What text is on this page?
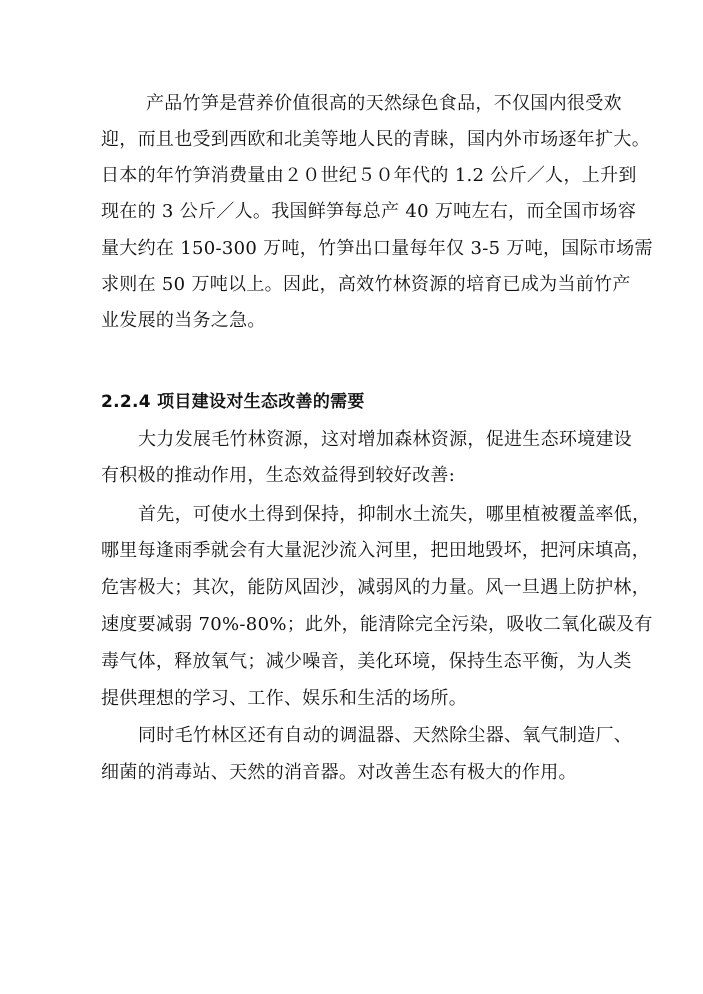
产品竹笋是营养价值很高的天然绿色食品，不仅国内很受欢
迎，而且也受到西欧和北美等地人民的青睐，国内外市场逐年扩大。
日本的年竹笋消费量由２０世纪５０年代的 1.2 公斤／人，上升到
现在的 3 公斤／人。我国鲜笋每总产 40 万吨左右，而全国市场容
量大约在 150-300 万吨，竹笋出口量每年仅 3-5 万吨，国际市场需
求则在 50 万吨以上。因此，高效竹林资源的培育已成为当前竹产
业发展的当务之急。
2.2.4 项目建设对生态改善的需要
大力发展毛竹林资源，这对增加森林资源，促进生态环境建设
有积极的推动作用，生态效益得到较好改善:
首先，可使水土得到保持，抑制水土流失，哪里植被覆盖率低，
哪里每逢雨季就会有大量泥沙流入河里，把田地毁坏，把河床填高，
危害极大；其次，能防风固沙，减弱风的力量。风一旦遇上防护林，
速度要减弱 70%-80%；此外，能清除完全污染，吸收二氧化碳及有
毒气体，释放氧气；减少噪音，美化环境，保持生态平衡，为人类
提供理想的学习、工作、娱乐和生活的场所。
同时毛竹林区还有自动的调温器、天然除尘器、氧气制造厂、
细菌的消毒站、天然的消音器。对改善生态有极大的作用。
